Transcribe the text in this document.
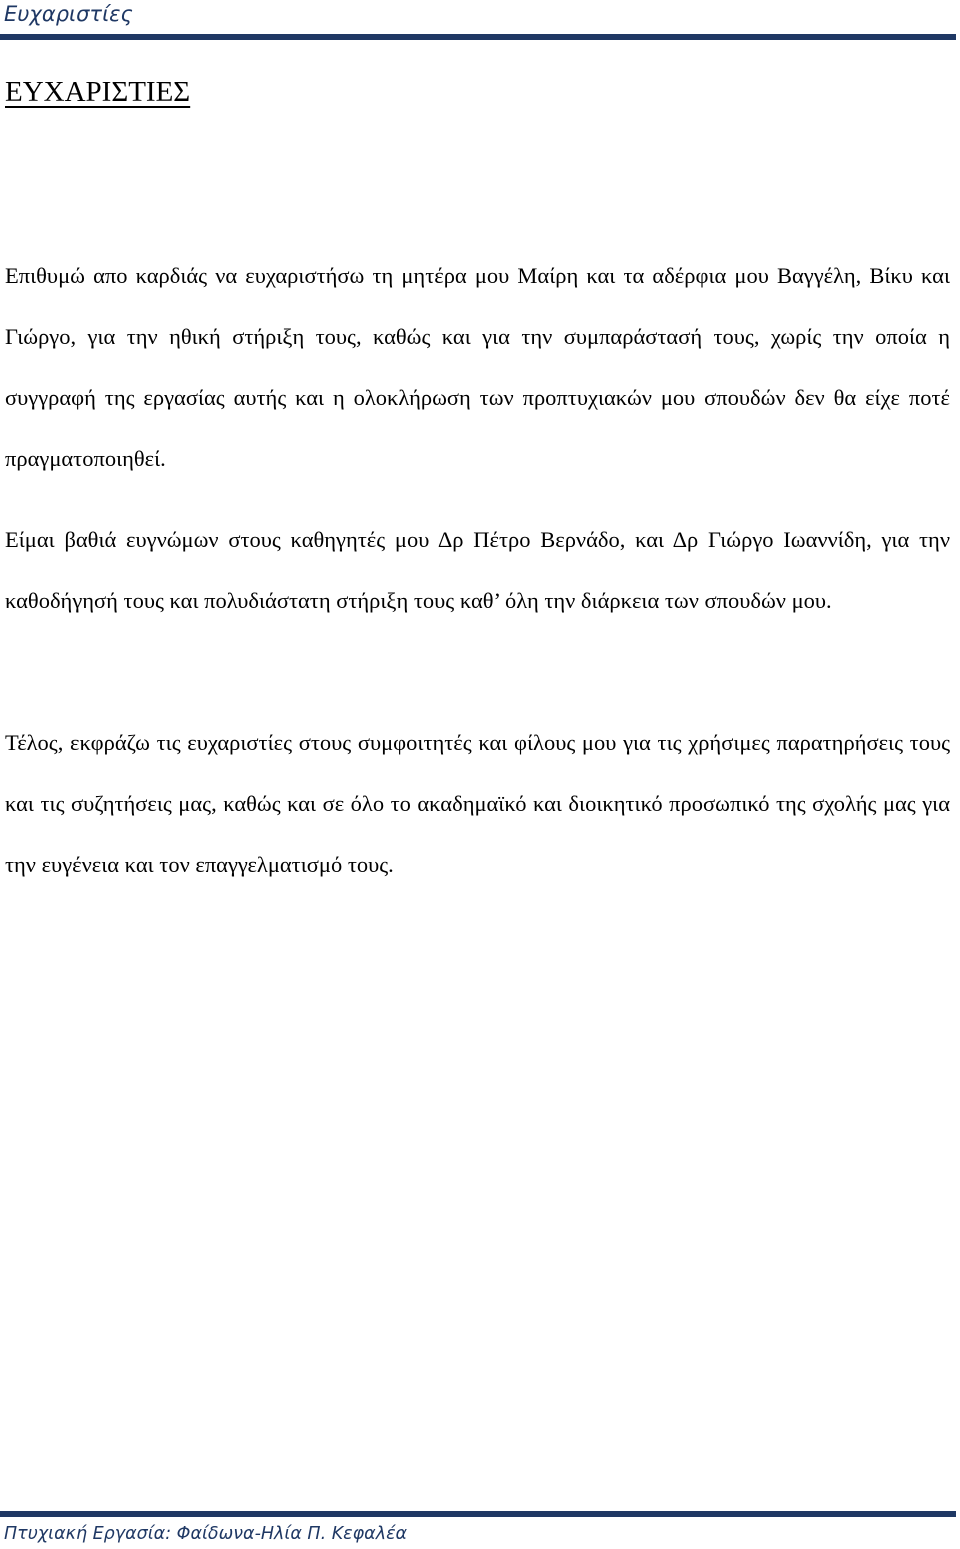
Ευχαριστίες
ΕΥΧΑΡΙΣΤΙΕΣ

Επιθυμώ απο καρδιάς να ευχαριστήσω τη μητέρα μου Μαίρη και τα αδέρφια μου Βαγγέλη, Βίκυ και Γιώργο, για την ηθική στήριξη τους, καθώς και για την συμπαράστασή τους, χωρίς την οποία η συγγραφή της εργασίας αυτής και η ολοκλήρωση των προπτυχιακών μου σπουδών δεν θα είχε ποτέ πραγματοποιηθεί.

Είμαι βαθιά ευγνώμων στους καθηγητές μου Δρ Πέτρο Βερνάδο, και Δρ Γιώργο Ιωαννίδη, για την καθοδήγησή τους και πολυδιάστατη στήριξη τους καθ’ όλη την διάρκεια των σπουδών μου.

Τέλος, εκφράζω τις ευχαριστίες στους συμφοιτητές και φίλους μου για τις χρήσιμες παρατηρήσεις τους και τις συζητήσεις μας, καθώς και σε όλο το ακαδημαϊκό και διοικητικό προσωπικό της σχολής μας για την ευγένεια και τον επαγγελματισμό τους.

Πτυχιακή Εργασία: Φαίδωνα-Ηλία Π. Κεφαλέα
